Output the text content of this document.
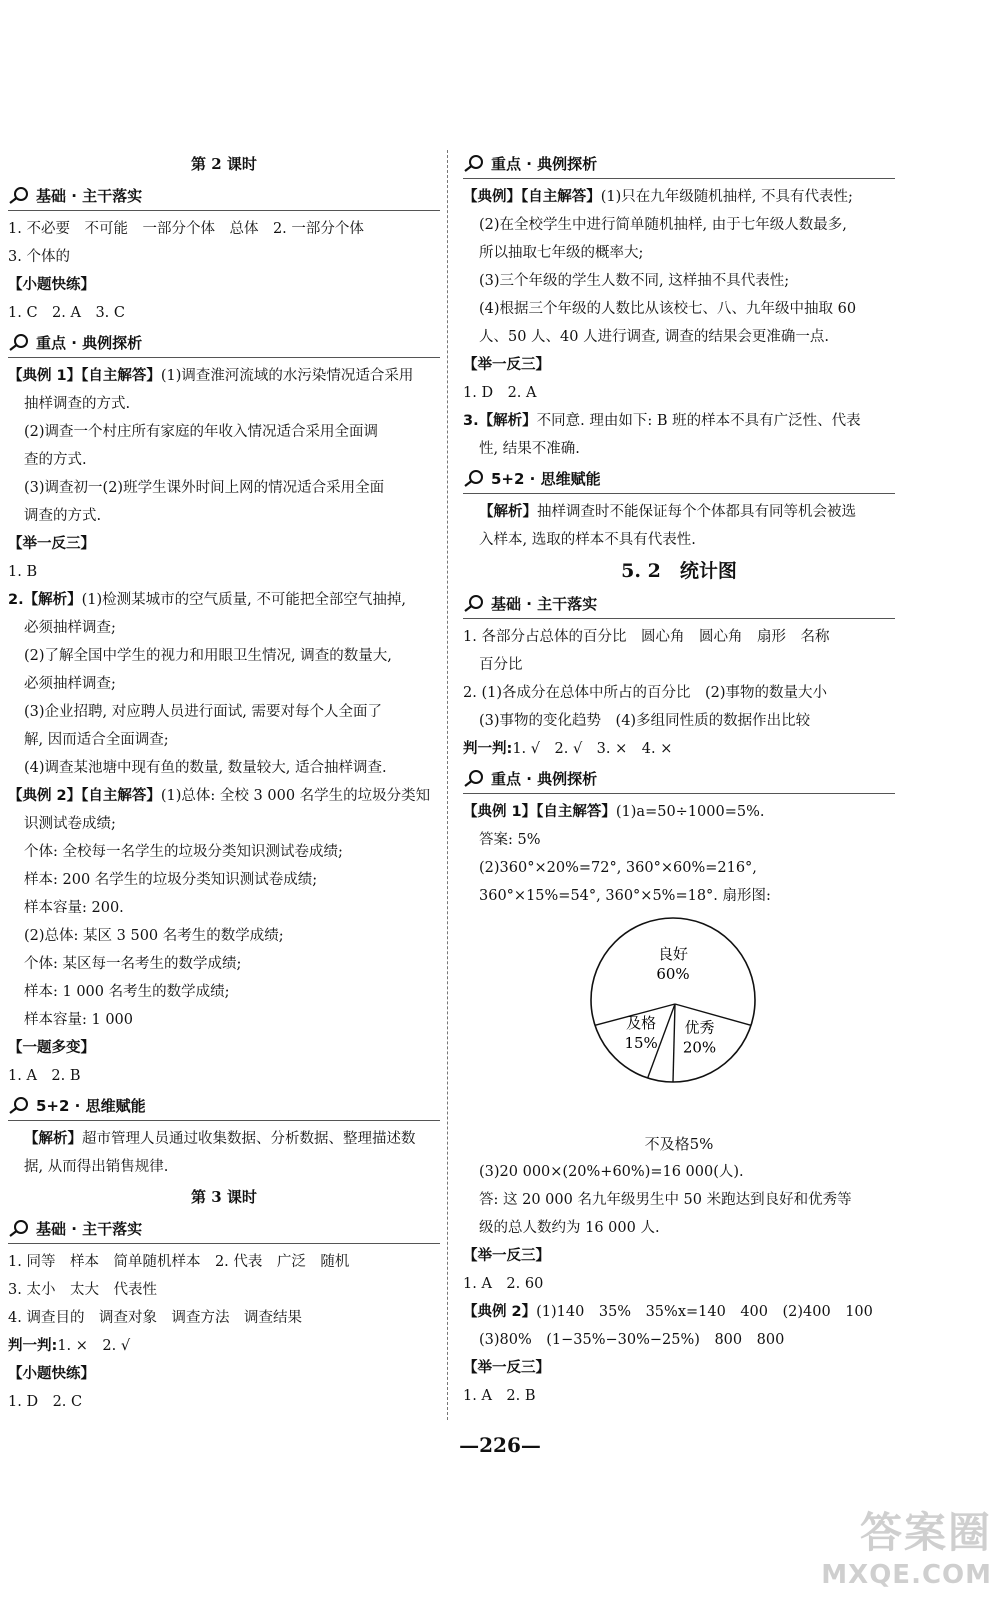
第 2 课时
基础 · 主干落实
1. 不必要　不可能　一部分个体　总体　2. 一部分个体
3. 个体的
【小题快练】
1. C　2. A　3. C
重点 · 典例探析
【典例 1】【自主解答】(1)调查淮河流域的水污染情况适合采用
抽样调查的方式.
(2)调查一个村庄所有家庭的年收入情况适合采用全面调
查的方式.
(3)调查初一(2)班学生课外时间上网的情况适合采用全面
调查的方式.
【举一反三】
1. B
2.【解析】(1)检测某城市的空气质量, 不可能把全部空气抽掉,
必须抽样调查;
(2)了解全国中学生的视力和用眼卫生情况, 调查的数量大,
必须抽样调查;
(3)企业招聘, 对应聘人员进行面试, 需要对每个人全面了
解, 因而适合全面调查;
(4)调查某池塘中现有鱼的数量, 数量较大, 适合抽样调查.
【典例 2】【自主解答】(1)总体: 全校 3 000 名学生的垃圾分类知
识测试卷成绩;
个体: 全校每一名学生的垃圾分类知识测试卷成绩;
样本: 200 名学生的垃圾分类知识测试卷成绩;
样本容量: 200.
(2)总体: 某区 3 500 名考生的数学成绩;
个体: 某区每一名考生的数学成绩;
样本: 1 000 名考生的数学成绩;
样本容量: 1 000
【一题多变】
1. A　2. B
5+2 · 思维赋能
【解析】超市管理人员通过收集数据、分析数据、整理描述数
据, 从而得出销售规律.
第 3 课时
基础 · 主干落实
1. 同等　样本　简单随机样本　2. 代表　广泛　随机
3. 太小　太大　代表性
4. 调查目的　调查对象　调查方法　调查结果
判一判:1. ×　2. √
【小题快练】
1. D　2. C
重点 · 典例探析
【典例】【自主解答】(1)只在九年级随机抽样, 不具有代表性;
(2)在全校学生中进行简单随机抽样, 由于七年级人数最多,
所以抽取七年级的概率大;
(3)三个年级的学生人数不同, 这样抽不具代表性;
(4)根据三个年级的人数比从该校七、八、九年级中抽取 60
人、50 人、40 人进行调查, 调查的结果会更准确一点.
【举一反三】
1. D　2. A
3.【解析】不同意. 理由如下: B 班的样本不具有广泛性、代表
性, 结果不准确.
5+2 · 思维赋能
【解析】抽样调查时不能保证每个个体都具有同等机会被选
入样本, 选取的样本不具有代表性.
5. 2　统计图
基础 · 主干落实
1. 各部分占总体的百分比　圆心角　圆心角　扇形　名称
百分比
2. (1)各成分在总体中所占的百分比　(2)事物的数量大小
(3)事物的变化趋势　(4)多组同性质的数据作出比较
判一判:1. √　2. √　3. ×　4. ×
重点 · 典例探析
【典例 1】【自主解答】(1)a=50÷1000=5%.
答案: 5%
(2)360°×20%=72°, 360°×60%=216°,
360°×15%=54°, 360°×5%=18°. 扇形图:
良好
60%
优秀
20%
及格
15%
不及格5%
(3)20 000×(20%+60%)=16 000(人).
答: 这 20 000 名九年级男生中 50 米跑达到良好和优秀等
级的总人数约为 16 000 人.
【举一反三】
1. A　2. 60
【典例 2】(1)140　35%　35%x=140　400　(2)400　100
(3)80%　(1−35%−30%−25%)　800　800
【举一反三】
1. A　2. B
—226—
答案圈
MXQE.COM
